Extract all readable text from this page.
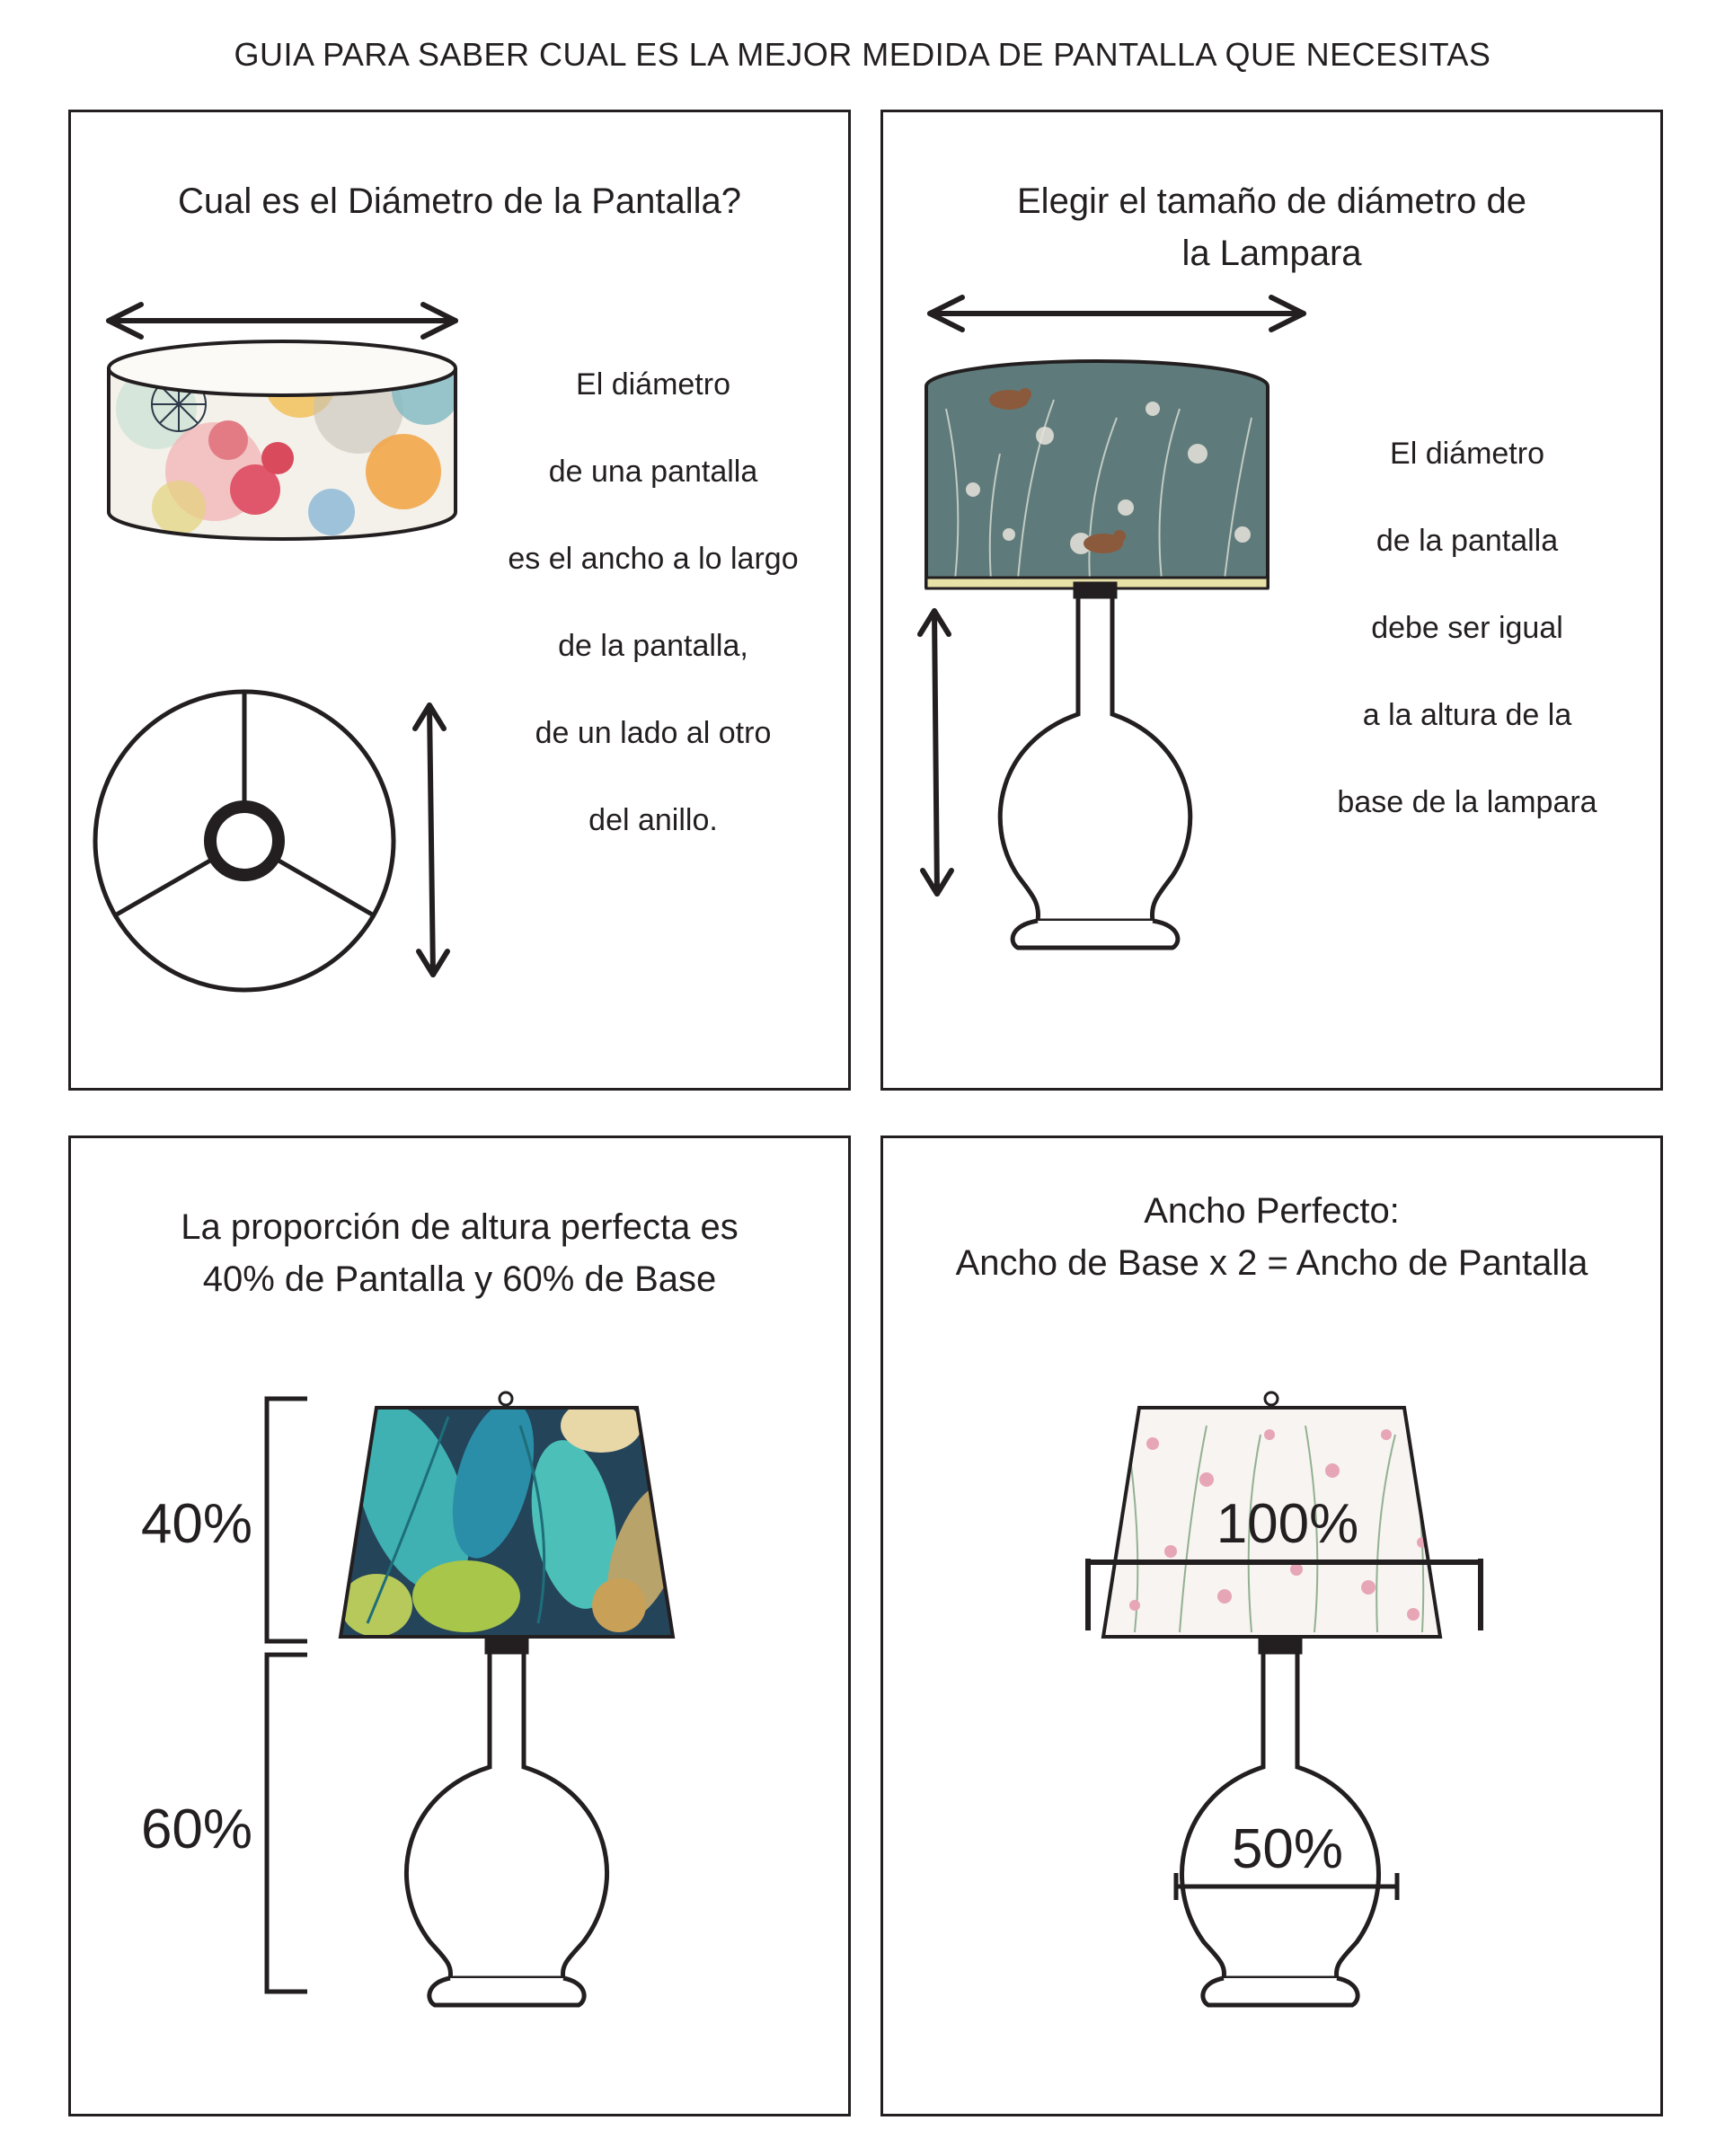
GUIA PARA SABER CUAL ES LA MEJOR MEDIDA DE PANTALLA QUE NECESITAS
Cual es el Diámetro de la Pantalla?
El diámetro
de una pantalla
es el ancho a lo largo
de la pantalla,
de un lado al otro
del anillo.
Elegir el tamaño de diámetro de
la Lampara
El diámetro
de la pantalla
debe ser igual
a la altura de la
base de la lampara
La proporción de altura perfecta es
40% de Pantalla y 60% de Base
40%
60%
Ancho Perfecto:
Ancho de Base x 2 = Ancho de Pantalla
100%
50%
